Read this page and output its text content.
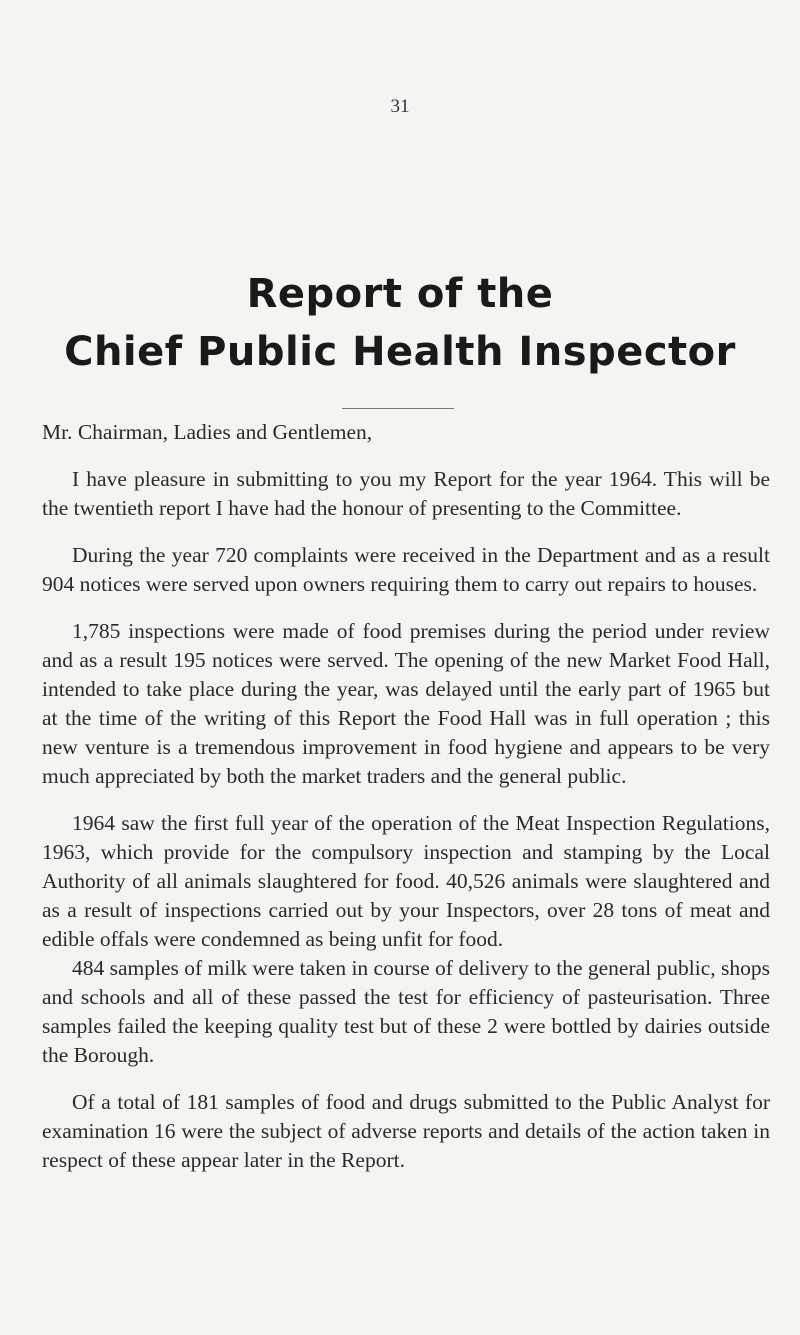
31
Report of the
Chief Public Health Inspector

Mr. Chairman, Ladies and Gentlemen,

I have pleasure in submitting to you my Report for the year 1964. This will be the twentieth report I have had the honour of presenting to the Committee.

During the year 720 complaints were received in the Department and as a result 904 notices were served upon owners requiring them to carry out repairs to houses.

1,785 inspections were made of food premises during the period under review and as a result 195 notices were served. The opening of the new Market Food Hall, intended to take place during the year, was delayed until the early part of 1965 but at the time of the writing of this Report the Food Hall was in full operation ; this new venture is a tremendous improvement in food hygiene and appears to be very much appreciated by both the market traders and the general public.

1964 saw the first full year of the operation of the Meat Inspection Regulations, 1963, which provide for the compulsory inspection and stamping by the Local Authority of all animals slaughtered for food. 40,526 animals were slaughtered and as a result of inspections carried out by your Inspectors, over 28 tons of meat and edible offals were condemned as being unfit for food.

484 samples of milk were taken in course of delivery to the general public, shops and schools and all of these passed the test for efficiency of pasteurisation. Three samples failed the keeping quality test but of these 2 were bottled by dairies outside the Borough.

Of a total of 181 samples of food and drugs submitted to the Public Analyst for examination 16 were the subject of adverse reports and details of the action taken in respect of these appear later in the Report.
